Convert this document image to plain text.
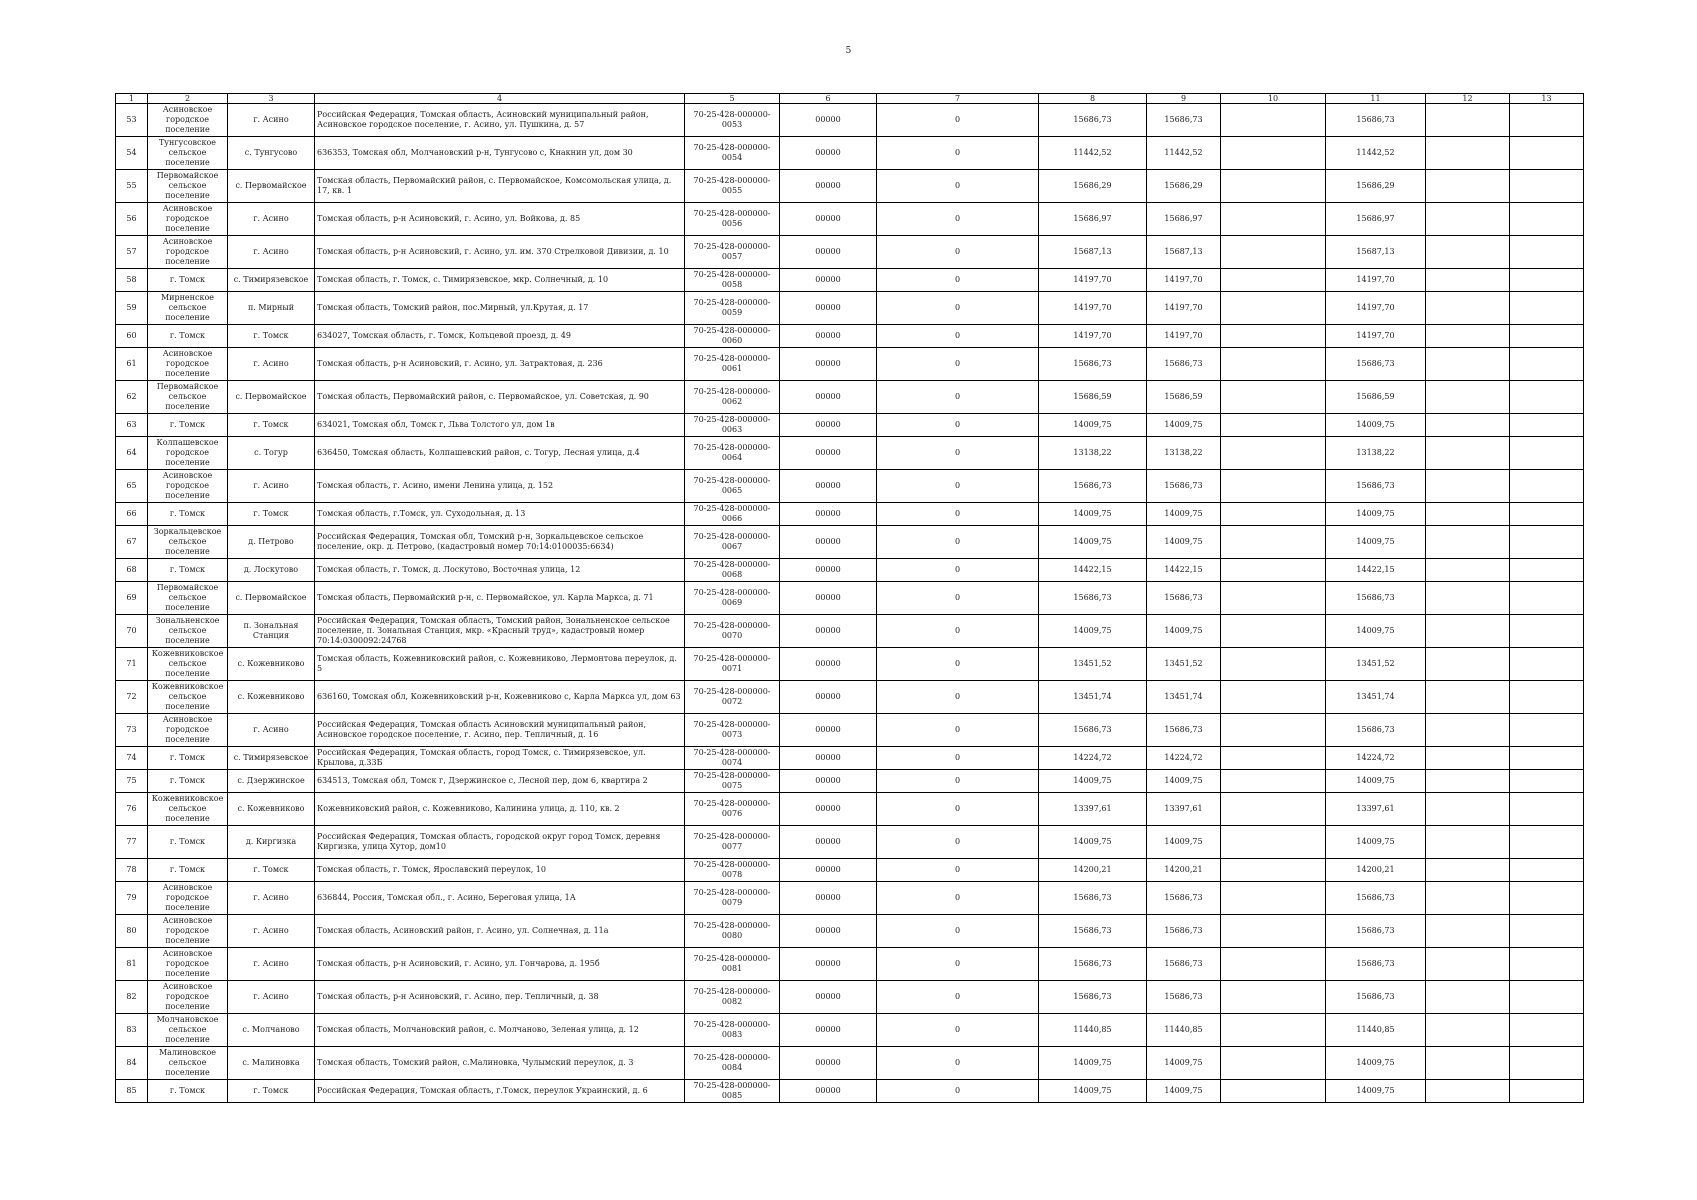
5
1	2	3	4	5	6	7	8	9	10	11	12	13
53	Асиновское городское поселение	г. Асино	Российская Федерация, Томская область, Асиновский муниципальный район, Асиновское городское поселение, г. Асино, ул. Пушкина, д. 57	70-25-428-000000-0053	00000	0	15686,73	15686,73		15686,73		
54	Тунгусовское сельское поселение	с. Тунгусово	636353, Томская обл, Молчановский р-н, Тунгусово с, Кнакнин ул, дом 30	70-25-428-000000-0054	00000	0	11442,52	11442,52		11442,52		
55	Первомайское сельское поселение	с. Первомайское	Томская область, Первомайский район, с. Первомайское, Комсомольская улица, д. 17, кв. 1	70-25-428-000000-0055	00000	0	15686,29	15686,29		15686,29		
56	Асиновское городское поселение	г. Асино	Томская область, р-н Асиновский, г. Асино, ул. Войкова, д. 85	70-25-428-000000-0056	00000	0	15686,97	15686,97		15686,97		
57	Асиновское городское поселение	г. Асино	Томская область, р-н Асиновский, г. Асино, ул. им. 370 Стрелковой Дивизии, д. 10	70-25-428-000000-0057	00000	0	15687,13	15687,13		15687,13		
58	г. Томск	с. Тимирязевское	Томская область, г. Томск, с. Тимирязевское, мкр. Солнечный, д. 10	70-25-428-000000-0058	00000	0	14197,70	14197,70		14197,70		
59	Мирненское сельское поселение	п. Мирный	Томская область, Томский район, пос.Мирный, ул.Крутая, д. 17	70-25-428-000000-0059	00000	0	14197,70	14197,70		14197,70		
60	г. Томск	г. Томск	634027, Томская область, г. Томск, Кольцевой проезд, д. 49	70-25-428-000000-0060	00000	0	14197,70	14197,70		14197,70		
61	Асиновское городское поселение	г. Асино	Томская область, р-н Асиновский, г. Асино, ул. Затрактовая, д. 236	70-25-428-000000-0061	00000	0	15686,73	15686,73		15686,73		
62	Первомайское сельское поселение	с. Первомайское	Томская область, Первомайский район, с. Первомайское, ул. Советская, д. 90	70-25-428-000000-0062	00000	0	15686,59	15686,59		15686,59		
63	г. Томск	г. Томск	634021, Томская обл, Томск г, Льва Толстого ул, дом 1в	70-25-428-000000-0063	00000	0	14009,75	14009,75		14009,75		
64	Колпашевское городское поселение	с. Тогур	636450, Томская область, Колпашевский район, с. Тогур, Лесная улица, д.4	70-25-428-000000-0064	00000	0	13138,22	13138,22		13138,22		
65	Асиновское городское поселение	г. Асино	Томская область, г. Асино, имени Ленина улица, д. 152	70-25-428-000000-0065	00000	0	15686,73	15686,73		15686,73		
66	г. Томск	г. Томск	Томская область, г.Томск, ул. Суходольная, д. 13	70-25-428-000000-0066	00000	0	14009,75	14009,75		14009,75		
67	Зоркальцевское сельское поселение	д. Петрово	Российская Федерация, Томская обл, Томский р-н, Зоркальцевское сельское поселение, окр. д. Петрово, (кадастровый номер 70:14:0100035:6634)	70-25-428-000000-0067	00000	0	14009,75	14009,75		14009,75		
68	г. Томск	д. Лоскутово	Томская область, г. Томск, д. Лоскутово, Восточная улица, 12	70-25-428-000000-0068	00000	0	14422,15	14422,15		14422,15		
69	Первомайское сельское поселение	с. Первомайское	Томская область, Первомайский р-н, с. Первомайское, ул. Карла Маркса, д. 71	70-25-428-000000-0069	00000	0	15686,73	15686,73		15686,73		
70	Зональненское сельское поселение	п. Зональная Станция	Российская Федерация, Томская область, Томский район, Зональненское сельское поселение, п. Зональная Станция, мкр. «Красный труд», кадастровый номер 70:14:0300092:24768	70-25-428-000000-0070	00000	0	14009,75	14009,75		14009,75		
71	Кожевниковское сельское поселение	с. Кожевниково	Томская область, Кожевниковский район, с. Кожевниково, Лермонтова переулок, д. 5	70-25-428-000000-0071	00000	0	13451,52	13451,52		13451,52		
72	Кожевниковское сельское поселение	с. Кожевниково	636160, Томская обл, Кожевниковский р-н, Кожевниково с, Карла Маркса ул, дом 63	70-25-428-000000-0072	00000	0	13451,74	13451,74		13451,74		
73	Асиновское городское поселение	г. Асино	Российская Федерация, Томская область Асиновский муниципальный район, Асиновское городское поселение, г. Асино, пер. Тепличный, д. 16	70-25-428-000000-0073	00000	0	15686,73	15686,73		15686,73		
74	г. Томск	с. Тимирязевское	Российская Федерация, Томская область, город Томск, с. Тимирязевское, ул. Крылова, д.33Б	70-25-428-000000-0074	00000	0	14224,72	14224,72		14224,72		
75	г. Томск	с. Дзержинское	634513, Томская обл, Томск г, Дзержинское с, Лесной пер, дом 6, квартира 2	70-25-428-000000-0075	00000	0	14009,75	14009,75		14009,75		
76	Кожевниковское сельское поселение	с. Кожевниково	Кожевниковский район, с. Кожевниково, Калинина улица, д. 110, кв. 2	70-25-428-000000-0076	00000	0	13397,61	13397,61		13397,61		
77	г. Томск	д. Киргизка	Российская Федерация, Томская область, городской округ город Томск, деревня Киргизка, улица Хутор, дом10	70-25-428-000000-0077	00000	0	14009,75	14009,75		14009,75		
78	г. Томск	г. Томск	Томская область, г. Томск, Ярославский переулок, 10	70-25-428-000000-0078	00000	0	14200,21	14200,21		14200,21		
79	Асиновское городское поселение	г. Асино	636844, Россия, Томская обл., г. Асино, Береговая улица, 1А	70-25-428-000000-0079	00000	0	15686,73	15686,73		15686,73		
80	Асиновское городское поселение	г. Асино	Томская область, Асиновский район, г. Асино, ул. Солнечная, д. 11а	70-25-428-000000-0080	00000	0	15686,73	15686,73		15686,73		
81	Асиновское городское поселение	г. Асино	Томская область, р-н Асиновский, г. Асино, ул. Гончарова, д. 195б	70-25-428-000000-0081	00000	0	15686,73	15686,73		15686,73		
82	Асиновское городское поселение	г. Асино	Томская область, р-н Асиновский, г. Асино, пер. Тепличный, д. 38	70-25-428-000000-0082	00000	0	15686,73	15686,73		15686,73		
83	Молчановское сельское поселение	с. Молчаново	Томская область, Молчановский район, с. Молчаново, Зеленая улица, д. 12	70-25-428-000000-0083	00000	0	11440,85	11440,85		11440,85		
84	Малиновское сельское поселение	с. Малиновка	Томская область, Томский район, с.Малиновка, Чулымский переулок, д. 3	70-25-428-000000-0084	00000	0	14009,75	14009,75		14009,75		
85	г. Томск	г. Томск	Российская Федерация, Томская область, г.Томск, переулок Украинский, д. 6	70-25-428-000000-0085	00000	0	14009,75	14009,75		14009,75		
